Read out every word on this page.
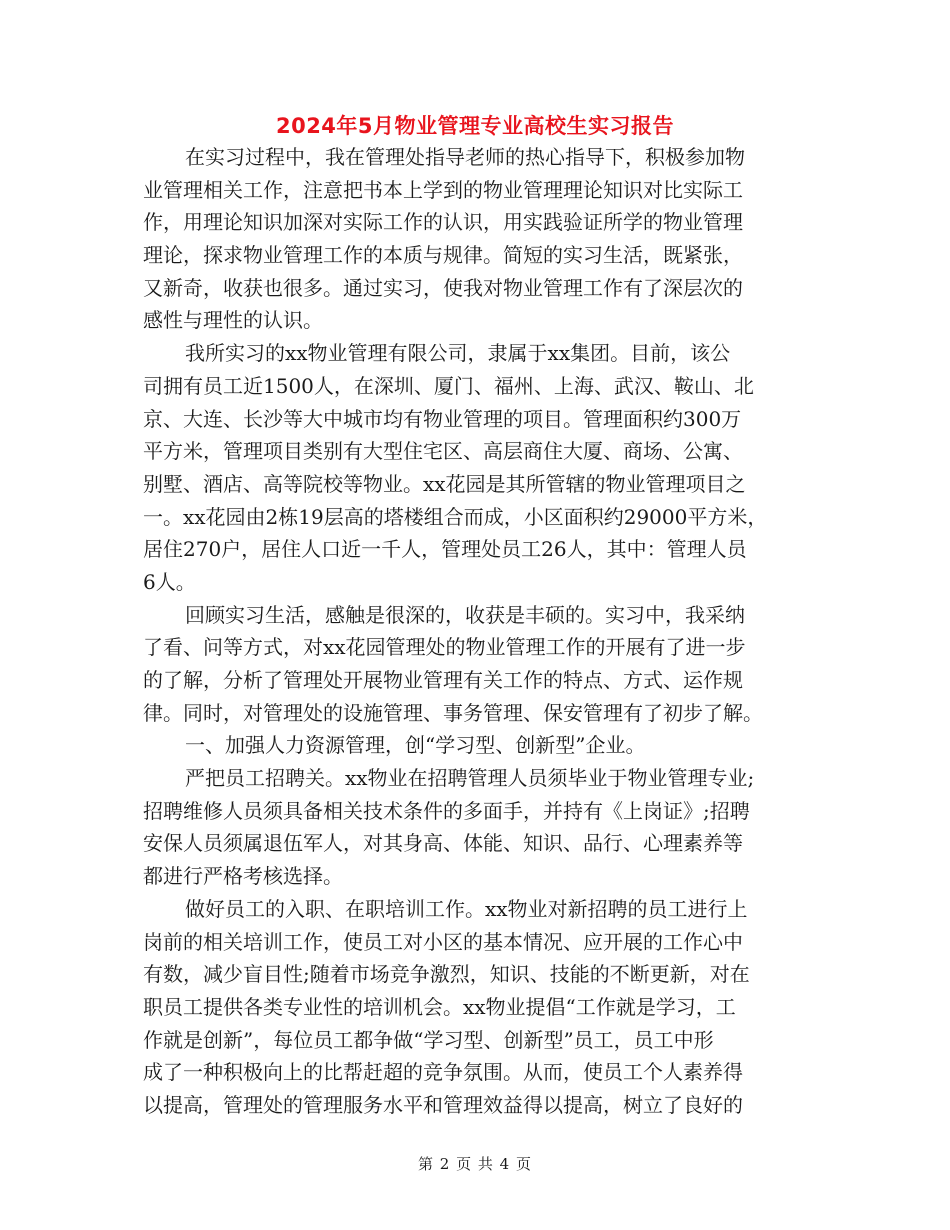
2024年5月物业管理专业高校生实习报告
在实习过程中，我在管理处指导老师的热心指导下，积极参加物
业管理相关工作，注意把书本上学到的物业管理理论知识对比实际工
作，用理论知识加深对实际工作的认识，用实践验证所学的物业管理
理论，探求物业管理工作的本质与规律。简短的实习生活，既紧张，
又新奇，收获也很多。通过实习，使我对物业管理工作有了深层次的
感性与理性的认识。
我所实习的xx物业管理有限公司，隶属于xx集团。目前，该公
司拥有员工近1500人，在深圳、厦门、福州、上海、武汉、鞍山、北
京、大连、长沙等大中城市均有物业管理的项目。管理面积约300万
平方米，管理项目类别有大型住宅区、高层商住大厦、商场、公寓、
别墅、酒店、高等院校等物业。xx花园是其所管辖的物业管理项目之
一。xx花园由2栋19层高的塔楼组合而成，小区面积约29000平方米，
居住270户，居住人口近一千人，管理处员工26人，其中：管理人员
6人。
回顾实习生活，感触是很深的，收获是丰硕的。实习中，我采纳
了看、问等方式，对xx花园管理处的物业管理工作的开展有了进一步
的了解，分析了管理处开展物业管理有关工作的特点、方式、运作规
律。同时，对管理处的设施管理、事务管理、保安管理有了初步了解。
一、加强人力资源管理，创“学习型、创新型”企业。
严把员工招聘关。xx物业在招聘管理人员须毕业于物业管理专业;
招聘维修人员须具备相关技术条件的多面手，并持有《上岗证》;招聘
安保人员须属退伍军人，对其身高、体能、知识、品行、心理素养等
都进行严格考核选择。
做好员工的入职、在职培训工作。xx物业对新招聘的员工进行上
岗前的相关培训工作，使员工对小区的基本情况、应开展的工作心中
有数，减少盲目性;随着市场竞争激烈，知识、技能的不断更新，对在
职员工提供各类专业性的培训机会。xx物业提倡“工作就是学习，工
作就是创新”，每位员工都争做“学习型、创新型”员工，员工中形
成了一种积极向上的比帮赶超的竞争氛围。从而，使员工个人素养得
以提高，管理处的管理服务水平和管理效益得以提高，树立了良好的
第 2 页 共 4 页
